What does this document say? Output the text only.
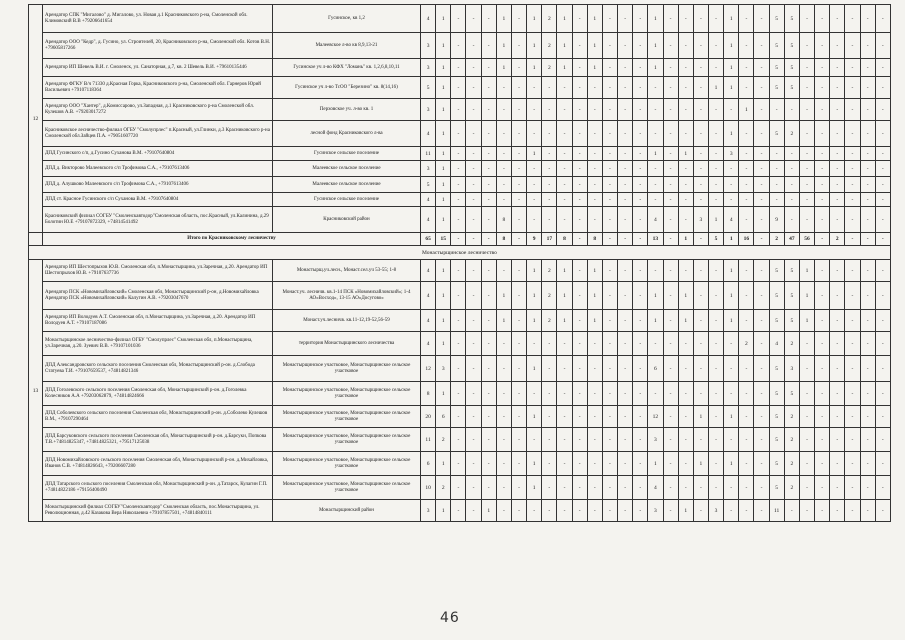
12	Арендатор СПК "Мигалово" д. Мигалово, ул. Новая д.1 Красниковского р-на, Смоленской обл. Климовский В.В +79206641654	Гусинское, кв 1,2	4	1	-	-	-	1	-	1	2	1	-	1	-	-	-	1	-	-	-	-	1	-	-	5	5	-	-	-	-	-	-
	Арендатор ООО "Кедр", д. Гусино, ул. Строителей, 20, Красниковского р-на, Смоленской обл. Котов В.Н. +79605817266	Малеевское л-во кв 8,9,13-21	3	1	-	-	-	1	-	1	2	1	-	1	-	-	-	1	-	-	-	-	1	-	-	5	5	-	-	-	-	-	-
	Арендатор ИП Шевель В.И. г. Смоленск, ул. Санаторная, д.7, кв. 2 Шевель В.И. +79610135446	Гусинское уч л-во КФХ "Ломань" кв. 1,2,6,8,10,11	3	1	-	-	-	1	-	1	2	1	-	1	-	-	-	1	-	-	-	-	1	-	-	5	5	-	-	-	-	-	-
	Арендатор ФГКУ В/ч 71330 д.Красная Горка, Красниковского р-на, Смоленской обл. Гарнеров Юрий Васильевич +79107118364	Гусинское уч л-во ТсОО "Березино" кв. 8(14,16)	5	1	-	-	-	-	-	-	-	-	-	-	-	-	-	-	-	-	-	1	1	-	-	5	5	-	-	-	-	-	-
	Арендатор ООО "Хантер", д.Комиссарово, ул.Западная, д.1 Красниковского р-на Смоленской обл. Кулешов А.В. +79203017272	Перховское уч. л-во кв. 1	3	1	-	-	-	-	-	-	-	-	-	-	-	-	-	-	-	-	-	-	-	1	-	-	-	-	-	-	-	-	-
	Красниковское лесничество-филиал ОГБУ "Смолупрлес" п.Красный, ул.Глинки, д.3 Красниковского р-на Смоленской обл.Зайцев П.А. +79051607720	лесной фонд Красниковского л-ва	4	1	-	-	-	-	-	-	-	-	-	-	-	-	-	-	-	-	-	-	1	-	-	5	2	-	-	-	-	-	-
	ДПД Гусинского с/п, д.Гусино Суханова В.М. +79107640804	Гусинское сельское поселение	11	1	-	-	-	-	-	1	-	-	-	-	-	-	-	1	-	1	-	-	3	-	-	-	-	-	-	-	-	-	-
	ДПД д. Викторово Малеевского с/п Трофимова С.А., +79107613406	Малеевское сельское поселение	3	1	-	-	-	-	-	-	-	-	-	-	-	-	-	-	-	-	-	-	-	-	-	-	-	-	-	-	-	-	-
	ДПД д. Алушково Малеевского с/п Трофимова С.А., +79107613406	Малеевское сельское поселение	5	1	-	-	-	-	-	-	-	-	-	-	-	-	-	-	-	-	-	-	-	-	-	-	-	-	-	-	-	-	-
	ДПД ст. Красное Гусинского с/п Суханова В.М. +79107640804	Гусинское сельское поселение	4	1	-	-	-	-	-	-	-	-	-	-	-	-	-	-	-	-	-	-	-	-	-	-	-	-	-	-	-	-	-
	Красниковский филиал СОГБУ "Смоленскавтодор"Смоленская область, пос.Красный, ул.Калинина, д.29 Болотин Ю.Е +79107872329, +74814541492	Красниковский район	4	1	-	-	-	8	-	-	-	-	-	-	-	-	-	4	-	-	3	1	4	-	-	9	-	-	-	-	-	-	-
	Итого по Красниковскому лесничеству		65	15	-	-	-	8	-	9	17	8	-	8	-	-	-	13	-	1	-	5	1	16	-	2	47	56	-	2	-	-	-
Монастырщинское лесничество																																	
13	Арендатор ИП Шестопрыхов Ю.В. Смоленская обл, п.Монастырщина, ул.Заречная, д.20. Арендатор ИП Шестопрыхов Ю.В. +79107637736	Монастырщ.уч.лесн., Монаст.сел.уч 53-55; 1-8	4	1	-	-	-	-	-	1	2	1	-	1	-	-	-	-	-	-	-	-	1	-	-	5	5	1	-	-	-	-	-
	Арендатор ПСК «Новомихайловский» Смоленская обл, Монастырщинский р-он, д.Новомихайловка Арендатор ПСК «Новомихайловский» Калугин А.В. +79203047670	Монаст.уч. лесничв. кв.1-14 ПСК «Новомихайловский»; 1-4 АО«Восход», 13-15 АО«Досугово»	4	1	-	-	-	1	-	1	2	1	-	1	-	-	-	1	-	1	-	-	1	-	-	5	5	1	-	-	-	-	-
	Арендатор ИП Володуев А.Т. Смоленская обл, п.Монастырщина, ул.Заречная, д.20. Арендатор ИП Володуев А.Т. +79107187086	Монаст.уч.лесничв. кв.11-12,19-52,56-59	4	1	-	-	-	1	-	1	2	1	-	1	-	-	-	1	-	1	-	-	1	-	-	5	5	1	-	-	-	-	-
	Монастырщинское лесничество-филиал ОГБУ "Смолупрлес" Смоленская обл, п.Монастырщина, ул.Заречная, д.20. Зуевич В.В. +79107101036	территория Монастырщинского лесничества	4	1	-	-	-	-	-	-	-	-	-	-	-	-	-	-	-	-	-	-	-	2	-	4	2	-	-	-	-	-	-
	ДПД Александровского сельского поселения Смоленская обл, Монастырщинский р-он. д.Слобода Статуева Т.И. +79107659537, +74814821346	Монастырщинское участковое, Монастырщинское сельское участковое	12	3	-	-	-	-	-	1	-	-	-	-	-	-	-	6	-	-	-	-	-	-	-	5	3	-	-	-	-	-	-
	ДПД Гоголевского сельского поселения Смоленская обл, Монастырщинский р-он. д.Гоголевка Колесников А.А +79203062879, +74814824666	Монастырщинское участковое, Монастырщинское сельское участковое	8	1	-	-	-	-	-	-	-	-	-	-	-	-	-	-	-	-	-	-	-	-	-	5	5	-	-	-	-	-	-
	ДПД Соболевского сельского поселения Смоленская обл, Монастырщинский р-он. д.Соболево Кулешов В.М., +79107290464	Монастырщинское участковое, Монастырщинское сельское участковое	20	6	-	-	-	-	-	1	-	-	-	-	-	-	-	12	-	-	1	-	1	-	-	5	2	-	-	-	-	-	-
	ДПД Барсуковского сельского поселения Смоленская обл, Монастырщинский р-он. д.Барсуки, Попкова Т.В.+74814825347, +74814825321, +79517125038	Монастырщинское участковое, Монастырщинское сельское участковое	11	2	-	-	-	-	-	-	-	-	-	-	-	-	-	3	-	-	-	-	-	-	-	5	2	-	-	-	-	-	-
	ДПД Новомихайловского сельского поселения Смоленская обл, Монастырщинский р-он. д.Михайловка, Иванов С.В. +74814826643, +79206607280	Монастырщинское участковое, Монастырщинское сельское участковое	6	1	-	-	-	-	-	1	-	-	-	-	-	-	-	1	-	-	1	-	1	-	-	5	2	-	-	-	-	-	-
	ДПД Татарского сельского поселения Смоленская обл, Монастырщинский р-он. д.Татарск, Кулагин Г.П. +74814822186 +79156400490	Монастырщинское участковое, Монастырщинское сельское участковое	10	2	-	-	-	-	-	1	-	-	-	-	-	-	-	4	-	-	-	-	-	-	-	5	2	-	-	-	-	-	-
	Монастырщинский филиал СОГБУ"Смоленскавтодор" Смоленская область, пос.Монастырщина, ул. Революционная, д.42 Казакова Вера Николаевна +79107857501, +74814840111	Монастырщинский район	3	1	-	-	1	-	-	-	-	-	-	-	-	-	-	3	-	1	-	3	-	-	-	11	-	-	-	-	-	-	-
46
